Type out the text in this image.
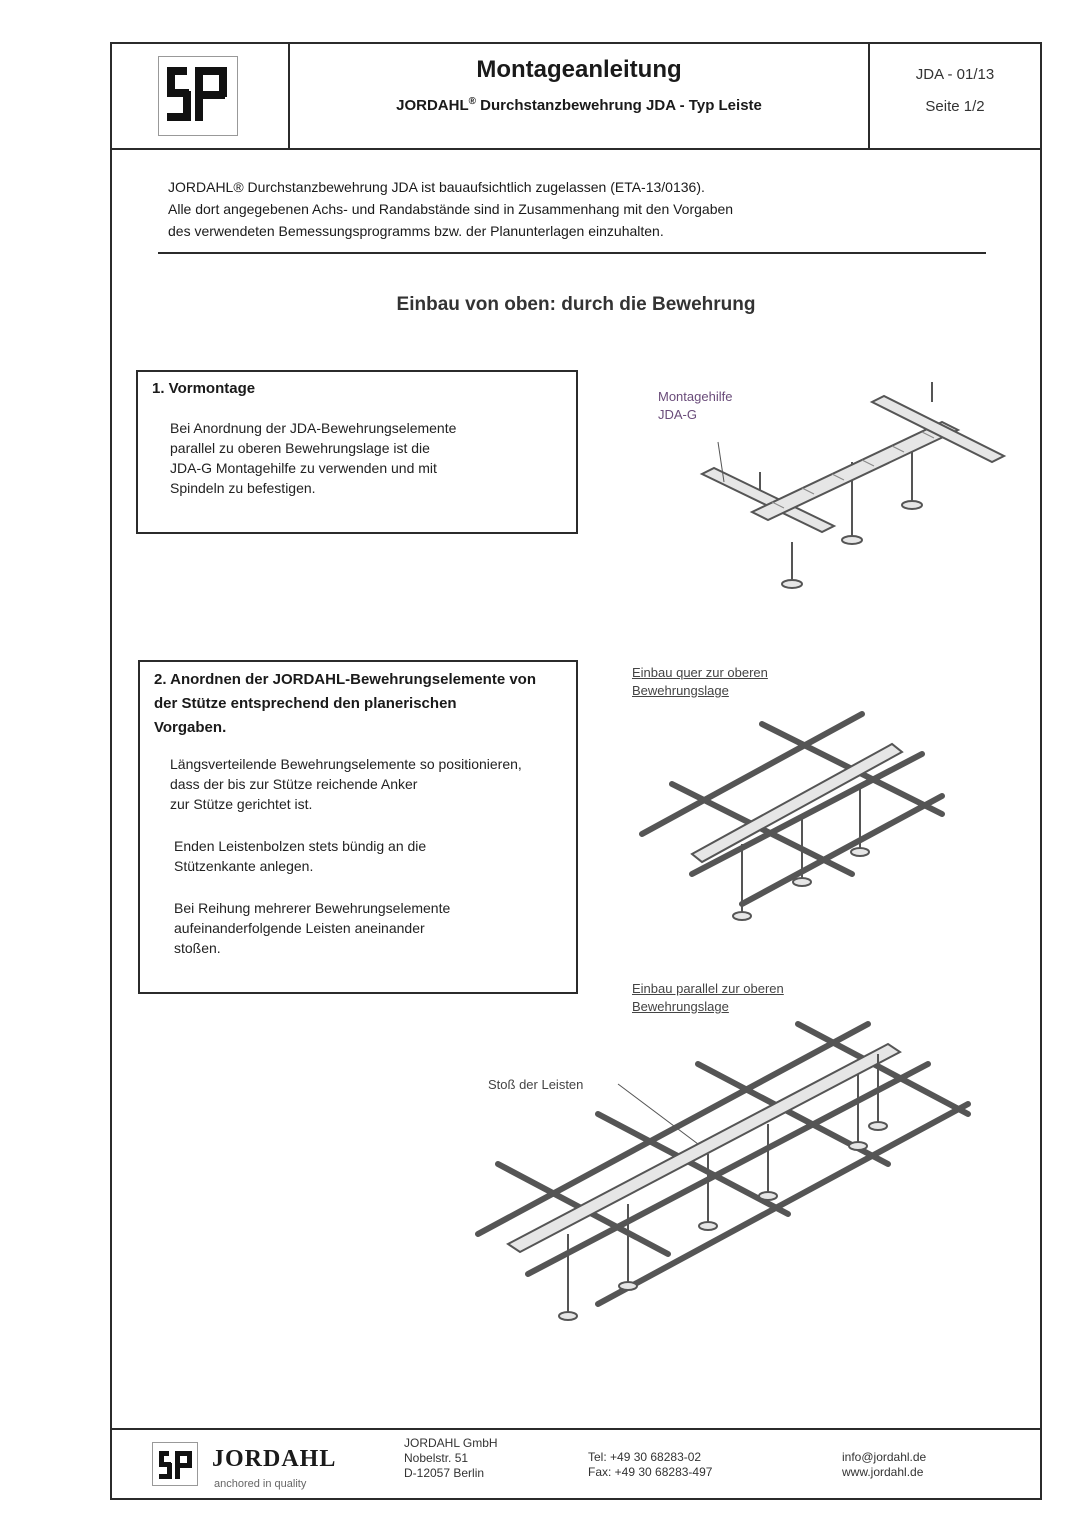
Montageanleitung
JORDAHL® Durchstanzbewehrung JDA - Typ Leiste
JDA - 01/13
Seite 1/2

JORDAHL® Durchstanzbewehrung JDA ist bauaufsichtlich zugelassen (ETA-13/0136).

Alle dort angegebenen Achs- und Randabstände sind in Zusammenhang mit den Vorgaben

des verwendeten Bemessungsprogramms bzw. der Planunterlagen einzuhalten.

Einbau von oben: durch die Bewehrung
1. Vormontage
Bei Anordnung der JDA-Bewehrungselemente
parallel zu oberen Bewehrungslage ist die
JDA-G Montagehilfe zu verwenden und mit
Spindeln zu befestigen.
2. Anordnen der JORDAHL-Bewehrungselemente von
der Stütze entsprechend den planerischen
Vorgaben.
Längsverteilende Bewehrungselemente so positionieren,
dass der bis zur Stütze reichende Anker
zur Stütze gerichtet ist.
Enden Leistenbolzen stets bündig an die
Stützenkante anlegen.
Bei Reihung mehrerer Bewehrungselemente
aufeinanderfolgende Leisten aneinander
stoßen.
Montagehilfe
JDA-G
Einbau quer zur oberen
Bewehrungslage
Einbau parallel zur oberen
Bewehrungslage
Stoß der Leisten
JORDAHL
anchored in quality
JORDAHL GmbH
Nobelstr. 51
D-12057 Berlin
Tel: +49 30 68283-02
Fax: +49 30 68283-497
info@jordahl.de
www.jordahl.de
